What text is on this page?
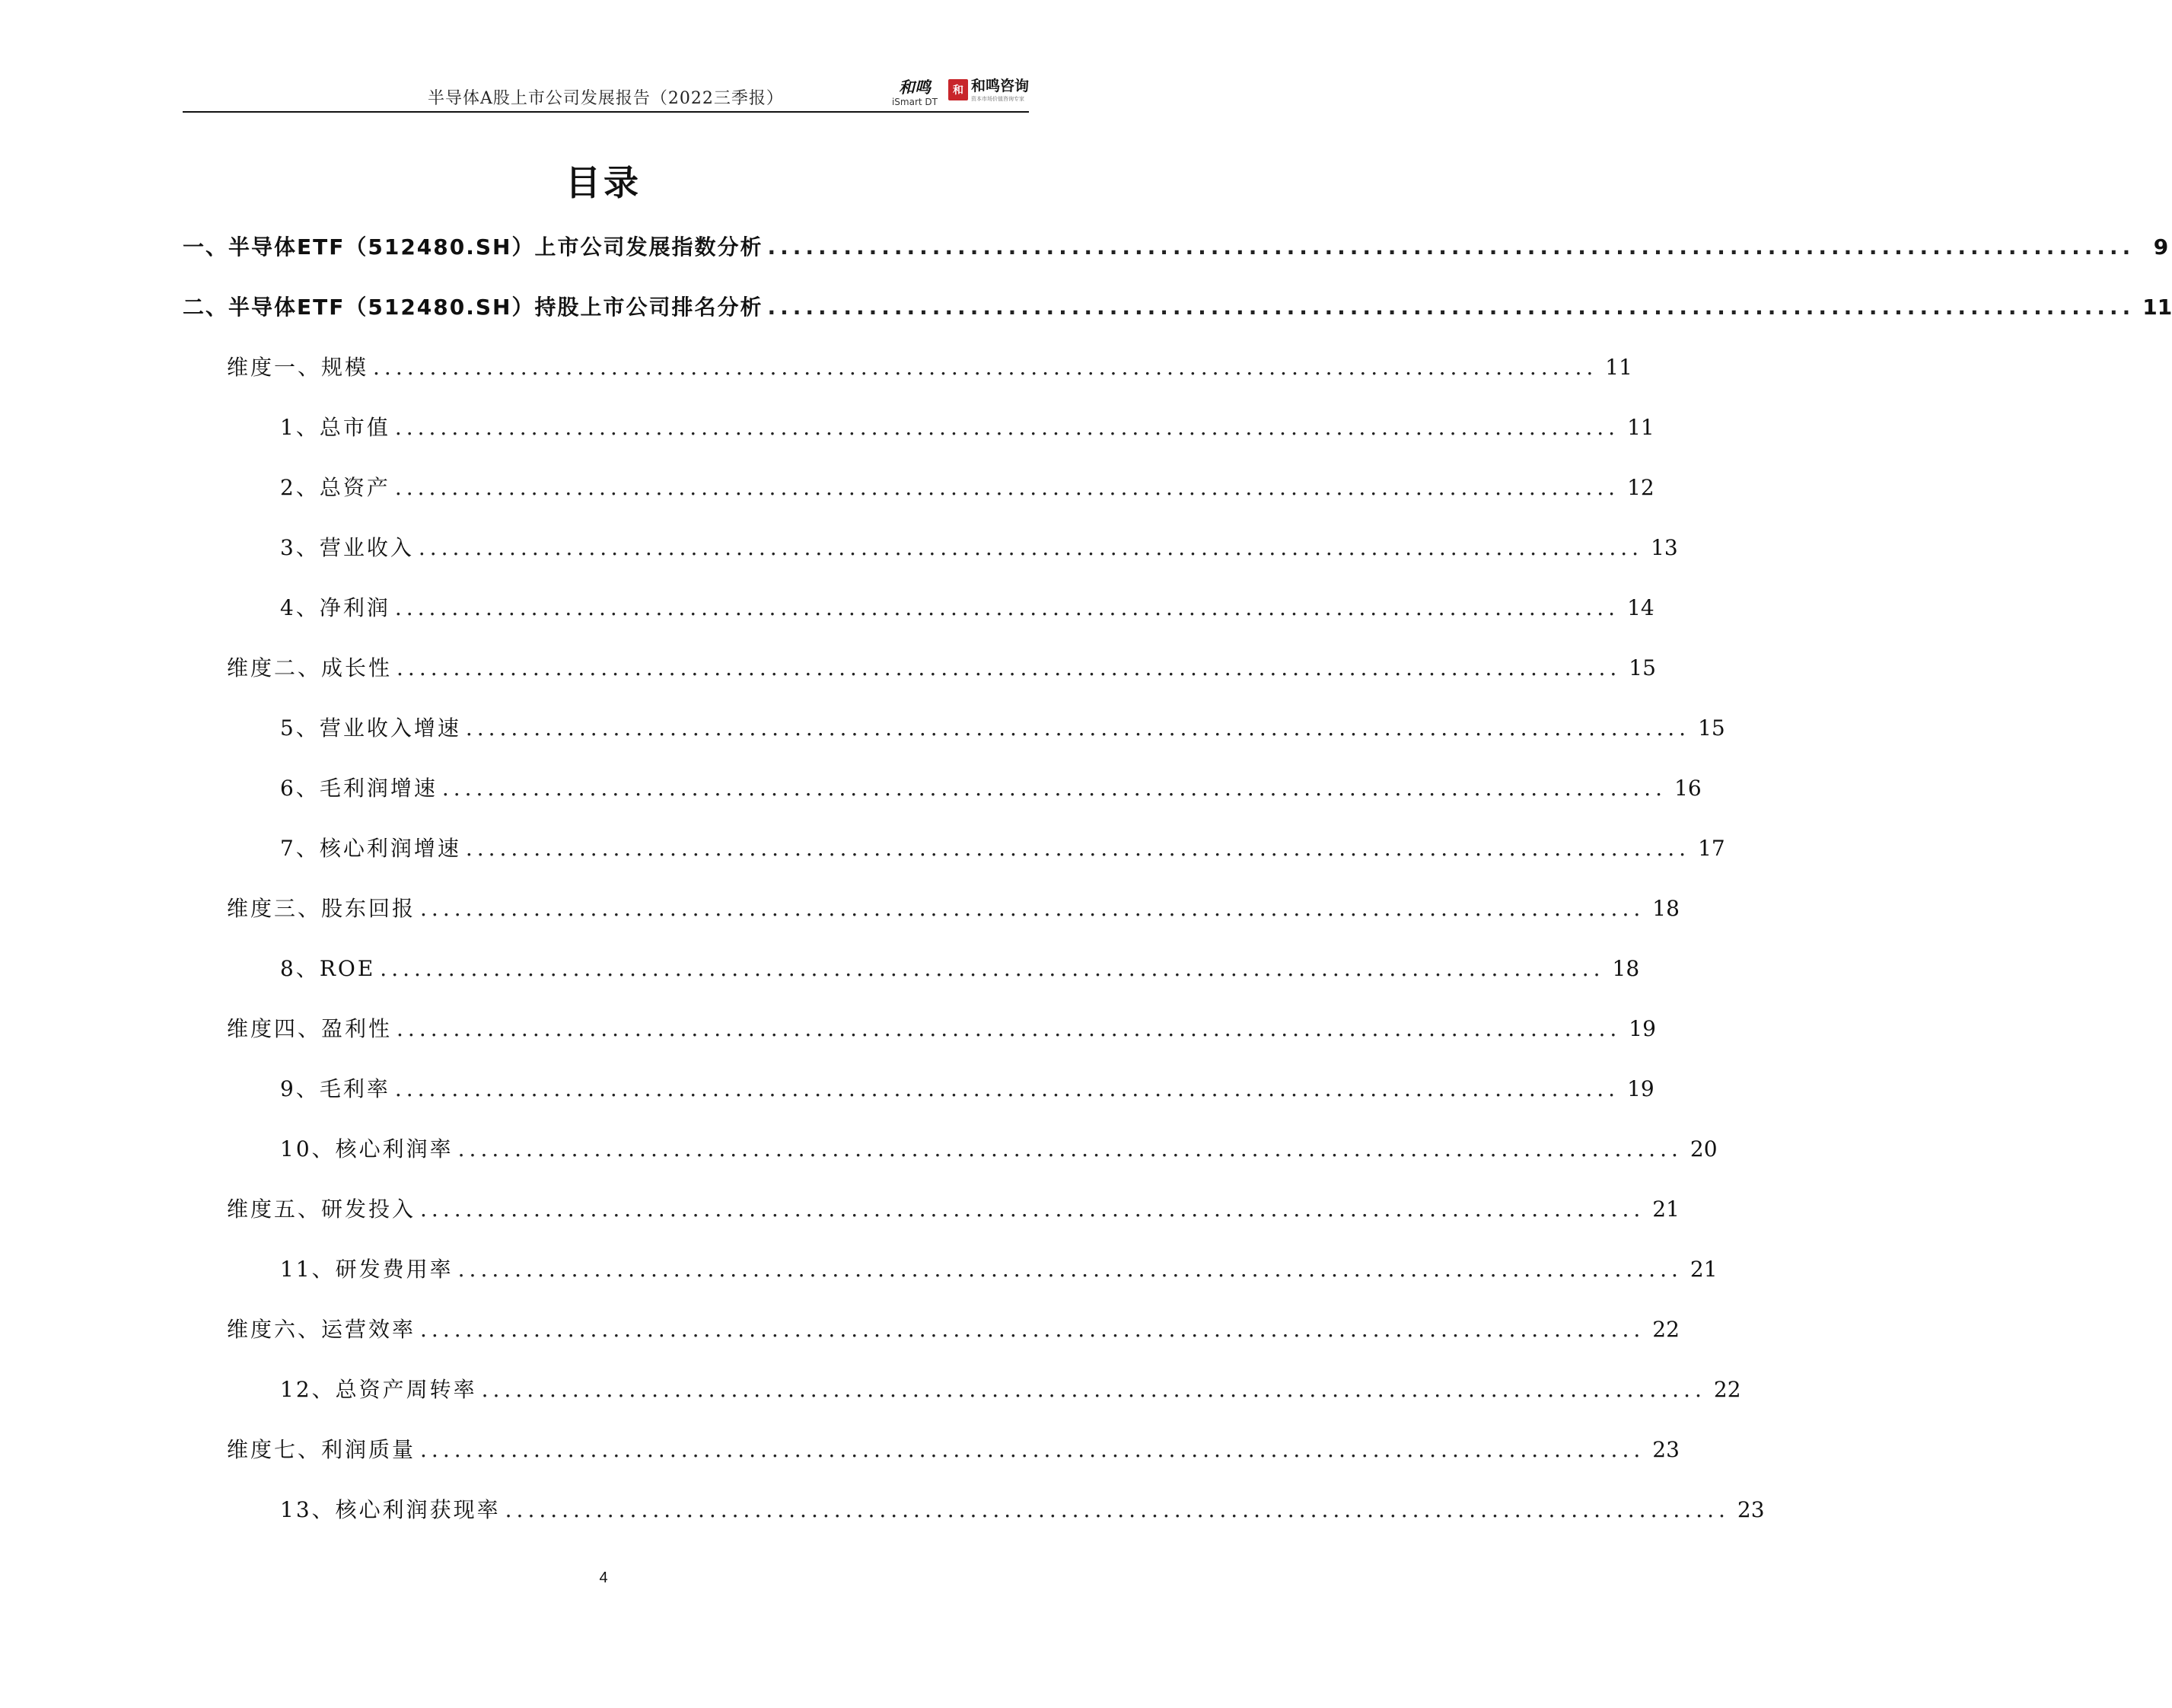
半导体A股上市公司发展报告（2022三季报）
和鸣
iSmart DT
和 和鸣咨询
资本市场价值咨询专家
目录
一、半导体ETF（512480.SH）上市公司发展指数分析 ............................................................................................................ 9
二、半导体ETF（512480.SH）持股上市公司排名分析 ............................................................................................................ 11
维度一、规模 ............................................................................................................ 11
1、总市值 ............................................................................................................ 11
2、总资产 ............................................................................................................ 12
3、营业收入 ............................................................................................................ 13
4、净利润 ............................................................................................................ 14
维度二、成长性 ............................................................................................................ 15
5、营业收入增速 ............................................................................................................ 15
6、毛利润增速 ............................................................................................................ 16
7、核心利润增速 ............................................................................................................ 17
维度三、股东回报 ............................................................................................................ 18
8、ROE ............................................................................................................ 18
维度四、盈利性 ............................................................................................................ 19
9、毛利率 ............................................................................................................ 19
10、核心利润率 ............................................................................................................ 20
维度五、研发投入 ............................................................................................................ 21
11、研发费用率 ............................................................................................................ 21
维度六、运营效率 ............................................................................................................ 22
12、总资产周转率 ............................................................................................................ 22
维度七、利润质量 ............................................................................................................ 23
13、核心利润获现率 ............................................................................................................ 23
4
